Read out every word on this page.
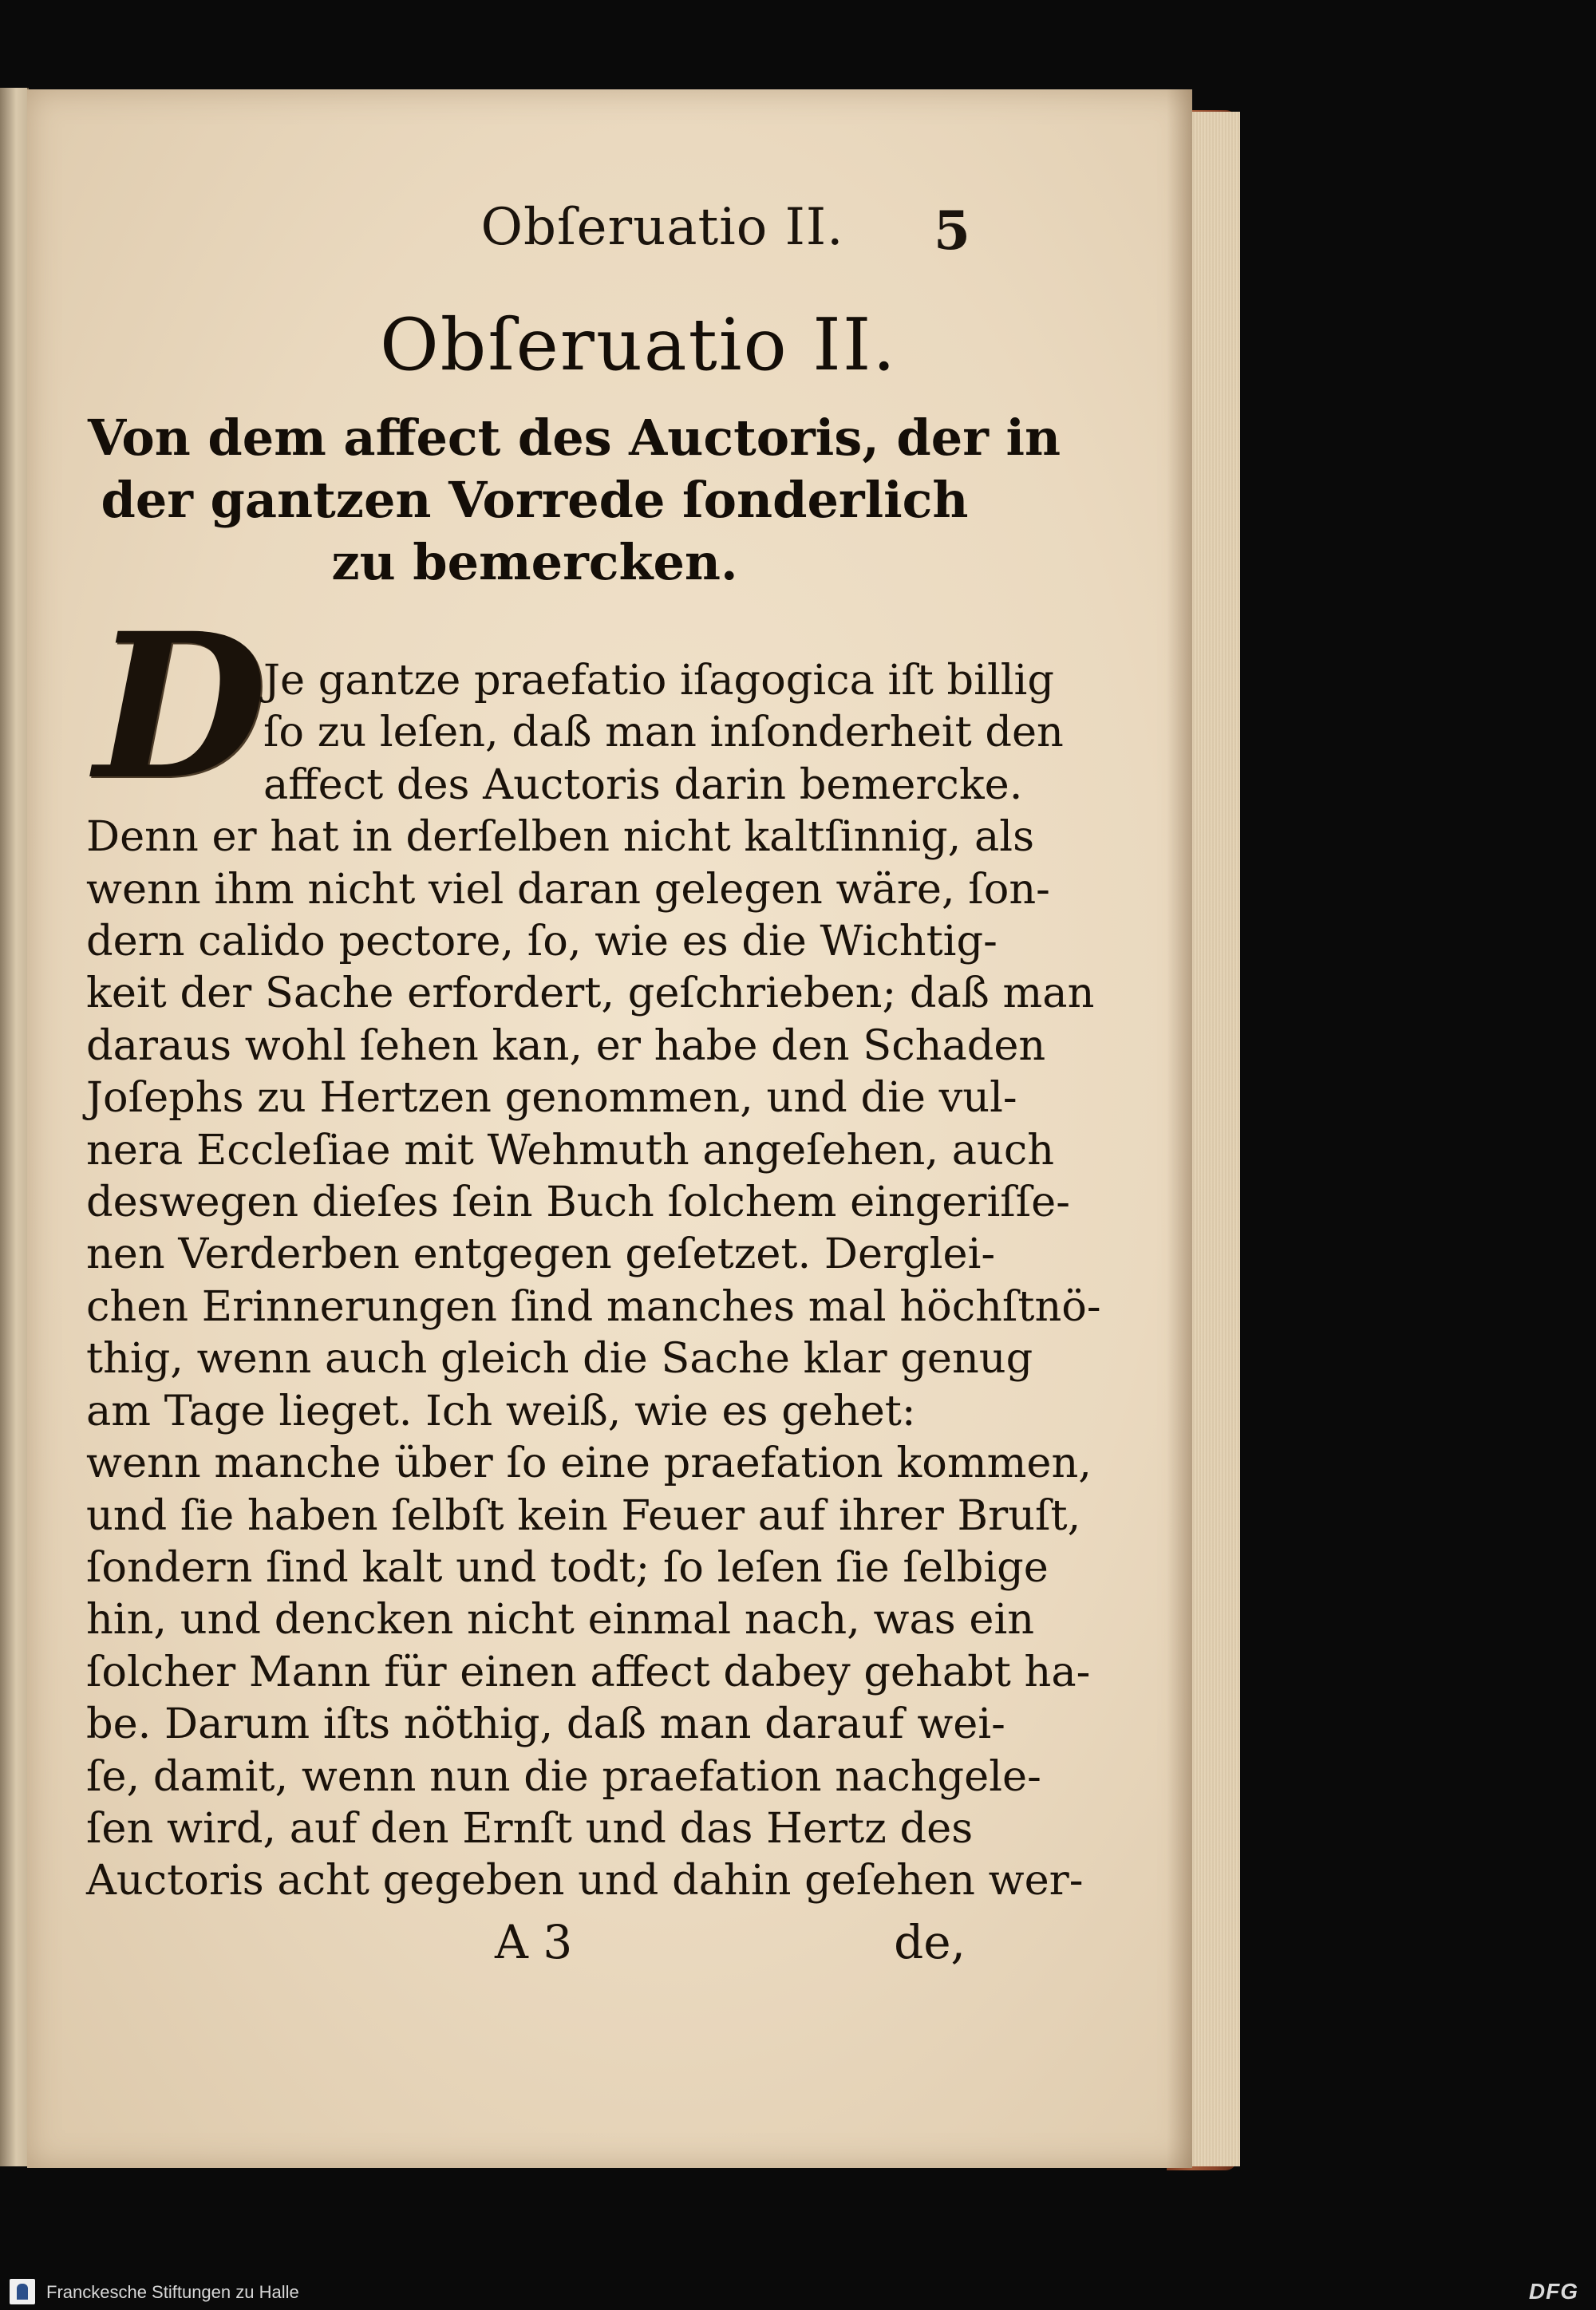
Obſeruatio II.	5
Obſeruatio II.
Von dem affect des Auctoris, der in
der gantzen Vorrede ſonderlich
zu bemercken.
D
Je gantze praefatio iſagogica iſt billig
ſo zu leſen, daß man inſonderheit den
affect des Auctoris darin bemercke.
Denn er hat in derſelben nicht kaltſinnig, als
wenn ihm nicht viel daran gelegen wäre, ſon-
dern calido pectore, ſo, wie es die Wichtig-
keit der Sache erfordert, geſchrieben; daß man
daraus wohl ſehen kan, er habe den Schaden
Joſephs zu Hertzen genommen, und die vul-
nera Eccleſiae mit Wehmuth angeſehen, auch
deswegen dieſes ſein Buch ſolchem eingeriſſe-
nen Verderben entgegen geſetzet. Derglei-
chen Erinnerungen ſind manches mal höchſtnö-
thig, wenn auch gleich die Sache klar genug
am Tage lieget. Ich weiß, wie es gehet:
wenn manche über ſo eine praefation kommen,
und ſie haben ſelbſt kein Feuer auf ihrer Bruſt,
ſondern ſind kalt und todt; ſo leſen ſie ſelbige
hin, und dencken nicht einmal nach, was ein
ſolcher Mann für einen affect dabey gehabt ha-
be. Darum iſts nöthig, daß man darauf wei-
ſe, damit, wenn nun die praefation nachgele-
ſen wird, auf den Ernſt und das Hertz des
Auctoris acht gegeben und dahin geſehen wer-
A 3	de,
Franckesche Stiftungen zu Halle	DFG
